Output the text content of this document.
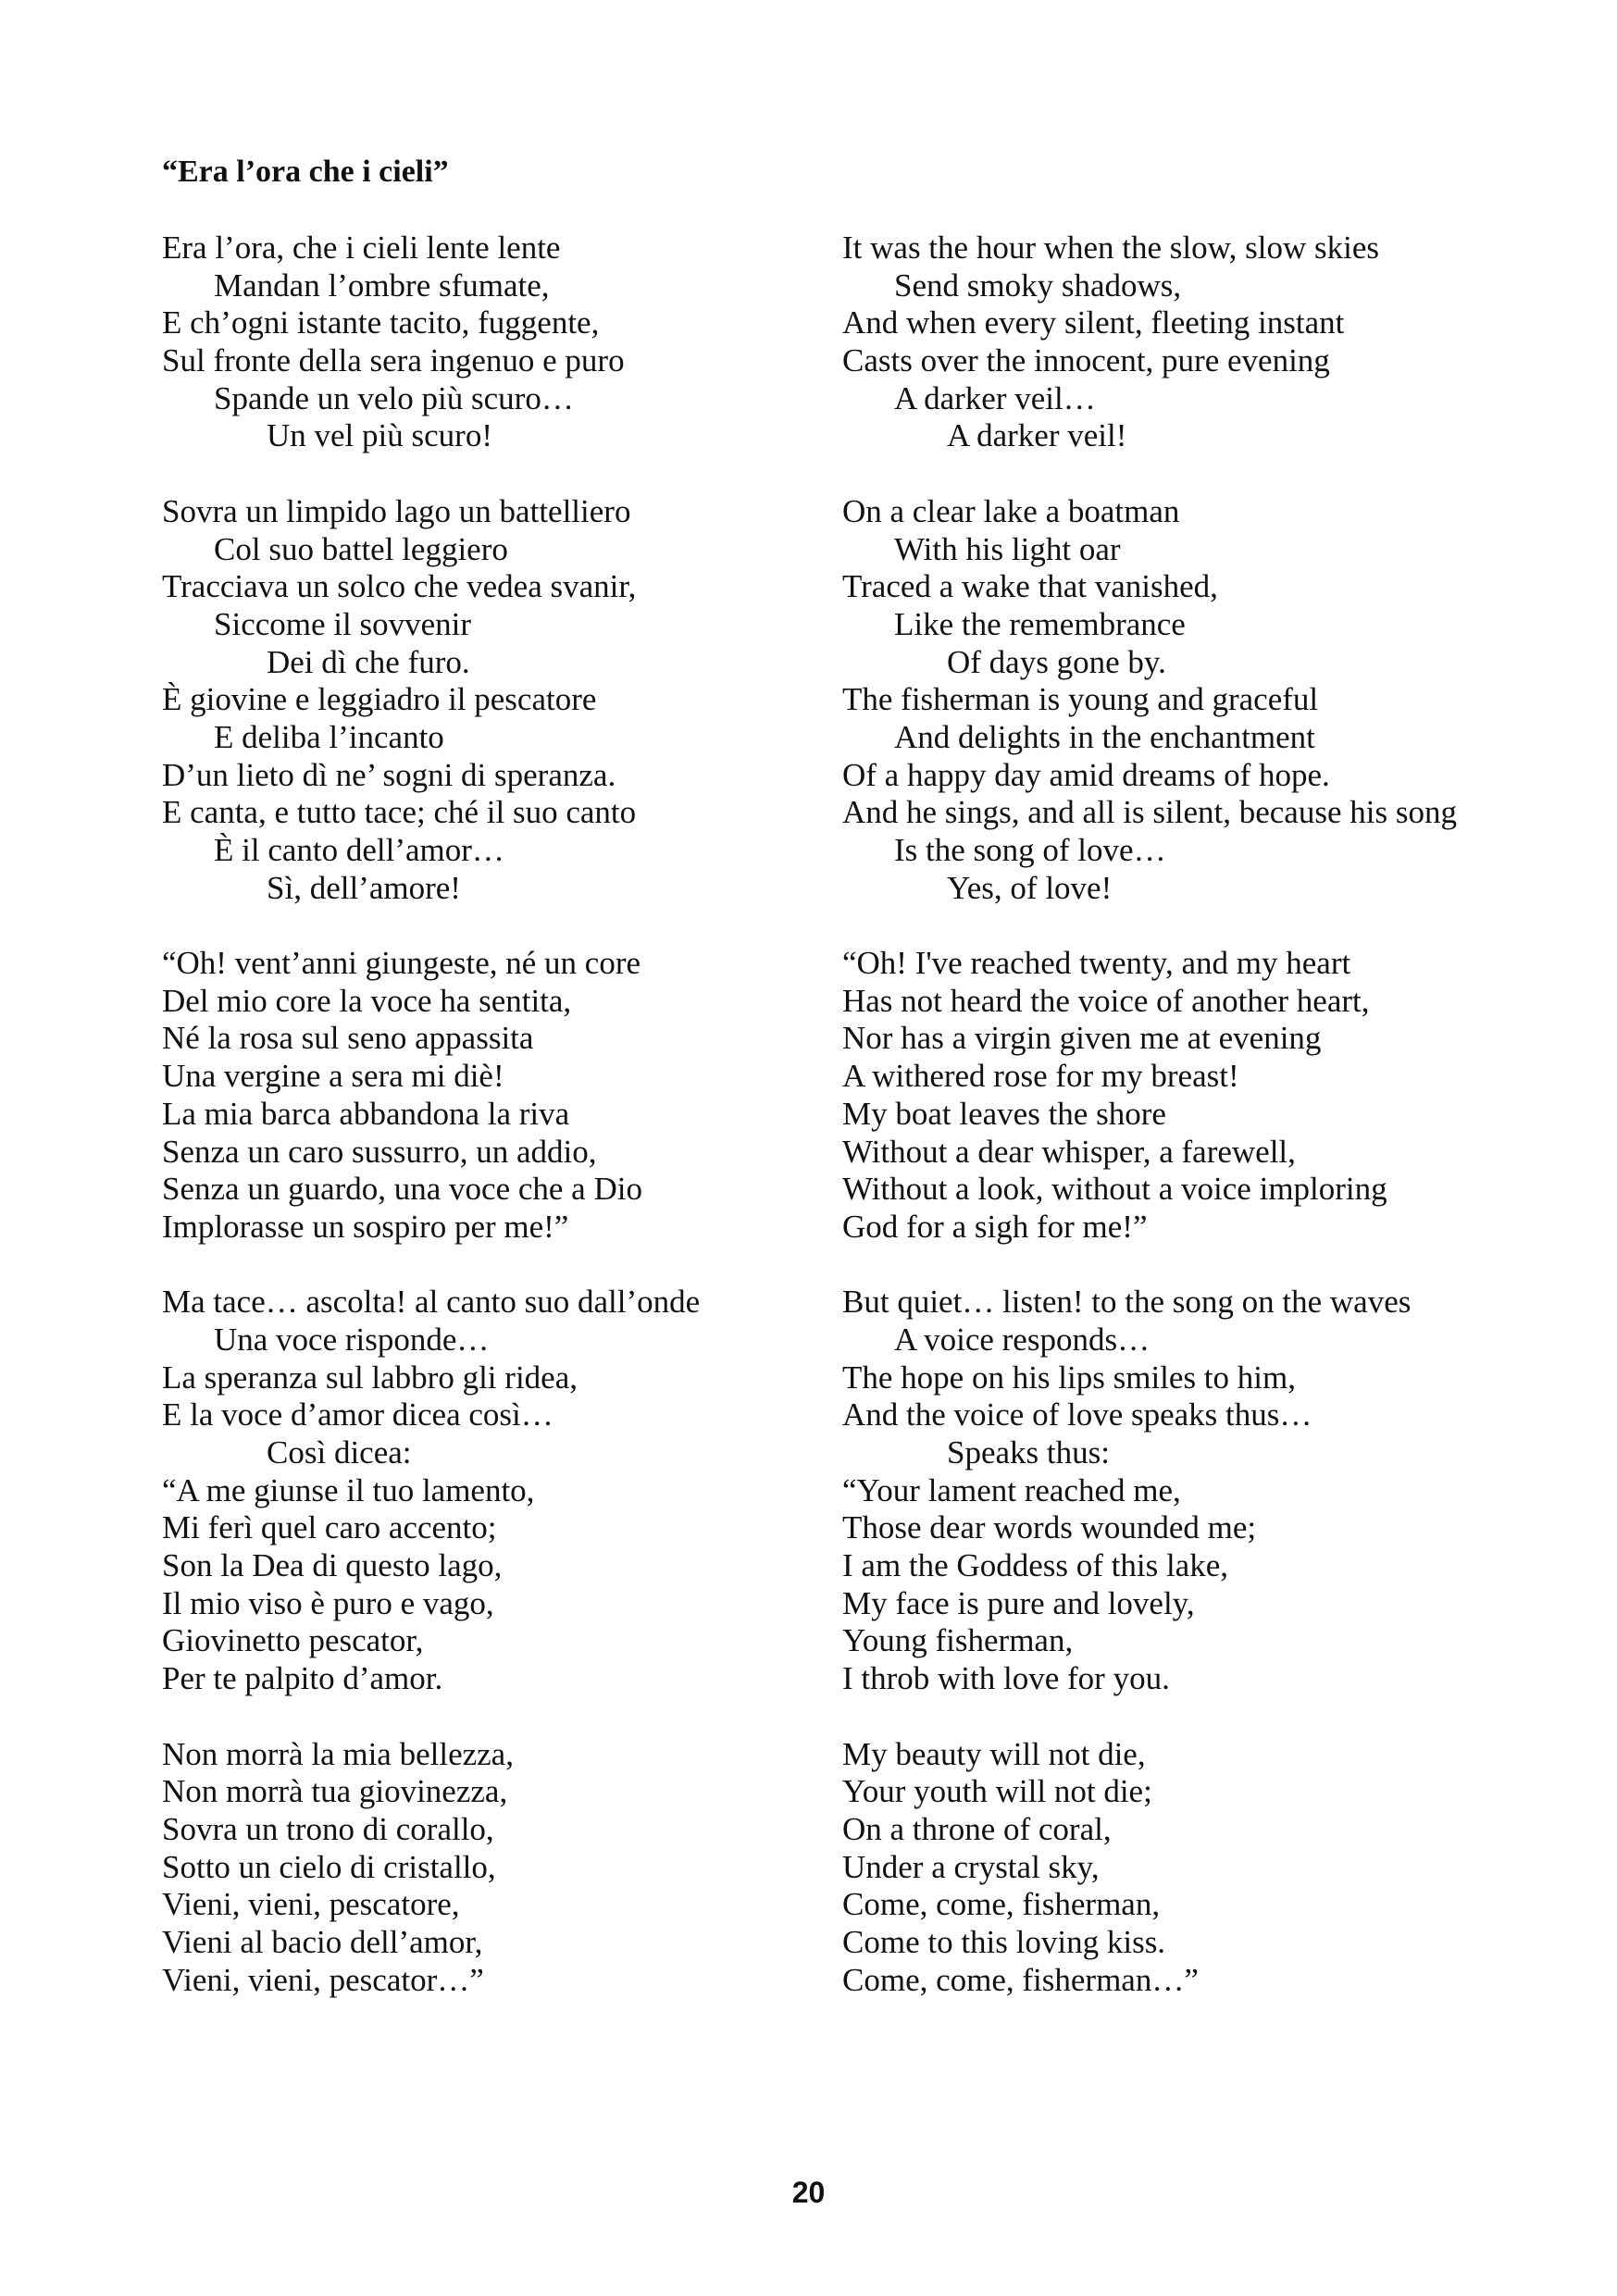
“Era l’ora che i cieli”
Era l’ora, che i cieli lente lente
Mandan l’ombre sfumate,
E ch’ogni istante tacito, fuggente,
Sul fronte della sera ingenuo e puro
Spande un velo più scuro…
Un vel più scuro!
Sovra un limpido lago un battelliero
Col suo battel leggiero
Tracciava un solco che vedea svanir,
Siccome il sovvenir
Dei dì che furo.
È giovine e leggiadro il pescatore
E deliba l’incanto
D’un lieto dì ne’ sogni di speranza.
E canta, e tutto tace; ché il suo canto
È il canto dell’amor…
Sì, dell’amore!
“Oh! vent’anni giungeste, né un core
Del mio core la voce ha sentita,
Né la rosa sul seno appassita
Una vergine a sera mi diè!
La mia barca abbandona la riva
Senza un caro sussurro, un addio,
Senza un guardo, una voce che a Dio
Implorasse un sospiro per me!”
Ma tace… ascolta! al canto suo dall’onde
Una voce risponde…
La speranza sul labbro gli ridea,
E la voce d’amor dicea così…
Così dicea:
“A me giunse il tuo lamento,
Mi ferì quel caro accento;
Son la Dea di questo lago,
Il mio viso è puro e vago,
Giovinetto pescator,
Per te palpito d’amor.
Non morrà la mia bellezza,
Non morrà tua giovinezza,
Sovra un trono di corallo,
Sotto un cielo di cristallo,
Vieni, vieni, pescatore,
Vieni al bacio dell’amor,
Vieni, vieni, pescator…”
It was the hour when the slow, slow skies
Send smoky shadows,
And when every silent, fleeting instant
Casts over the innocent, pure evening
A darker veil…
A darker veil!
On a clear lake a boatman
With his light oar
Traced a wake that vanished,
Like the remembrance
Of days gone by.
The fisherman is young and graceful
And delights in the enchantment
Of a happy day amid dreams of hope.
And he sings, and all is silent, because his song
Is the song of love…
Yes, of love!
“Oh! I've reached twenty, and my heart
Has not heard the voice of another heart,
Nor has a virgin given me at evening
A withered rose for my breast!
My boat leaves the shore
Without a dear whisper, a farewell,
Without a look, without a voice imploring
God for a sigh for me!”
But quiet… listen! to the song on the waves
A voice responds…
The hope on his lips smiles to him,
And the voice of love speaks thus…
Speaks thus:
“Your lament reached me,
Those dear words wounded me;
I am the Goddess of this lake,
My face is pure and lovely,
Young fisherman,
I throb with love for you.
My beauty will not die,
Your youth will not die;
On a throne of coral,
Under a crystal sky,
Come, come, fisherman,
Come to this loving kiss.
Come, come, fisherman…”
20
